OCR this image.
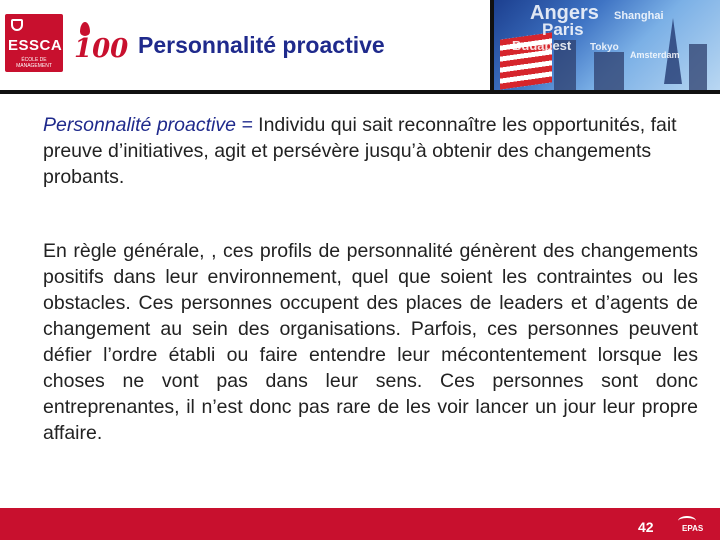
ESSCA
ÉCOLE DE MANAGEMENT
100 Personnalité proactive
Angers Shanghai
Paris
Budapest Tokyo
Amsterdam
Personnalité proactive = Individu qui sait reconnaître les opportunités, fait preuve d’initiatives, agit et persévère jusqu’à obtenir des changements probants.
En règle générale, , ces profils de personnalité génèrent des changements positifs dans leur environnement, quel que soient les contraintes ou les obstacles. Ces personnes occupent des places de leaders et d’agents de changement au sein des organisations. Parfois, ces personnes peuvent défier l’ordre établi ou faire entendre leur mécontentement lorsque les choses ne vont pas dans leur sens. Ces personnes sont donc entreprenantes, il n’est donc pas rare de les voir lancer un jour leur propre affaire.
42	EPAS
